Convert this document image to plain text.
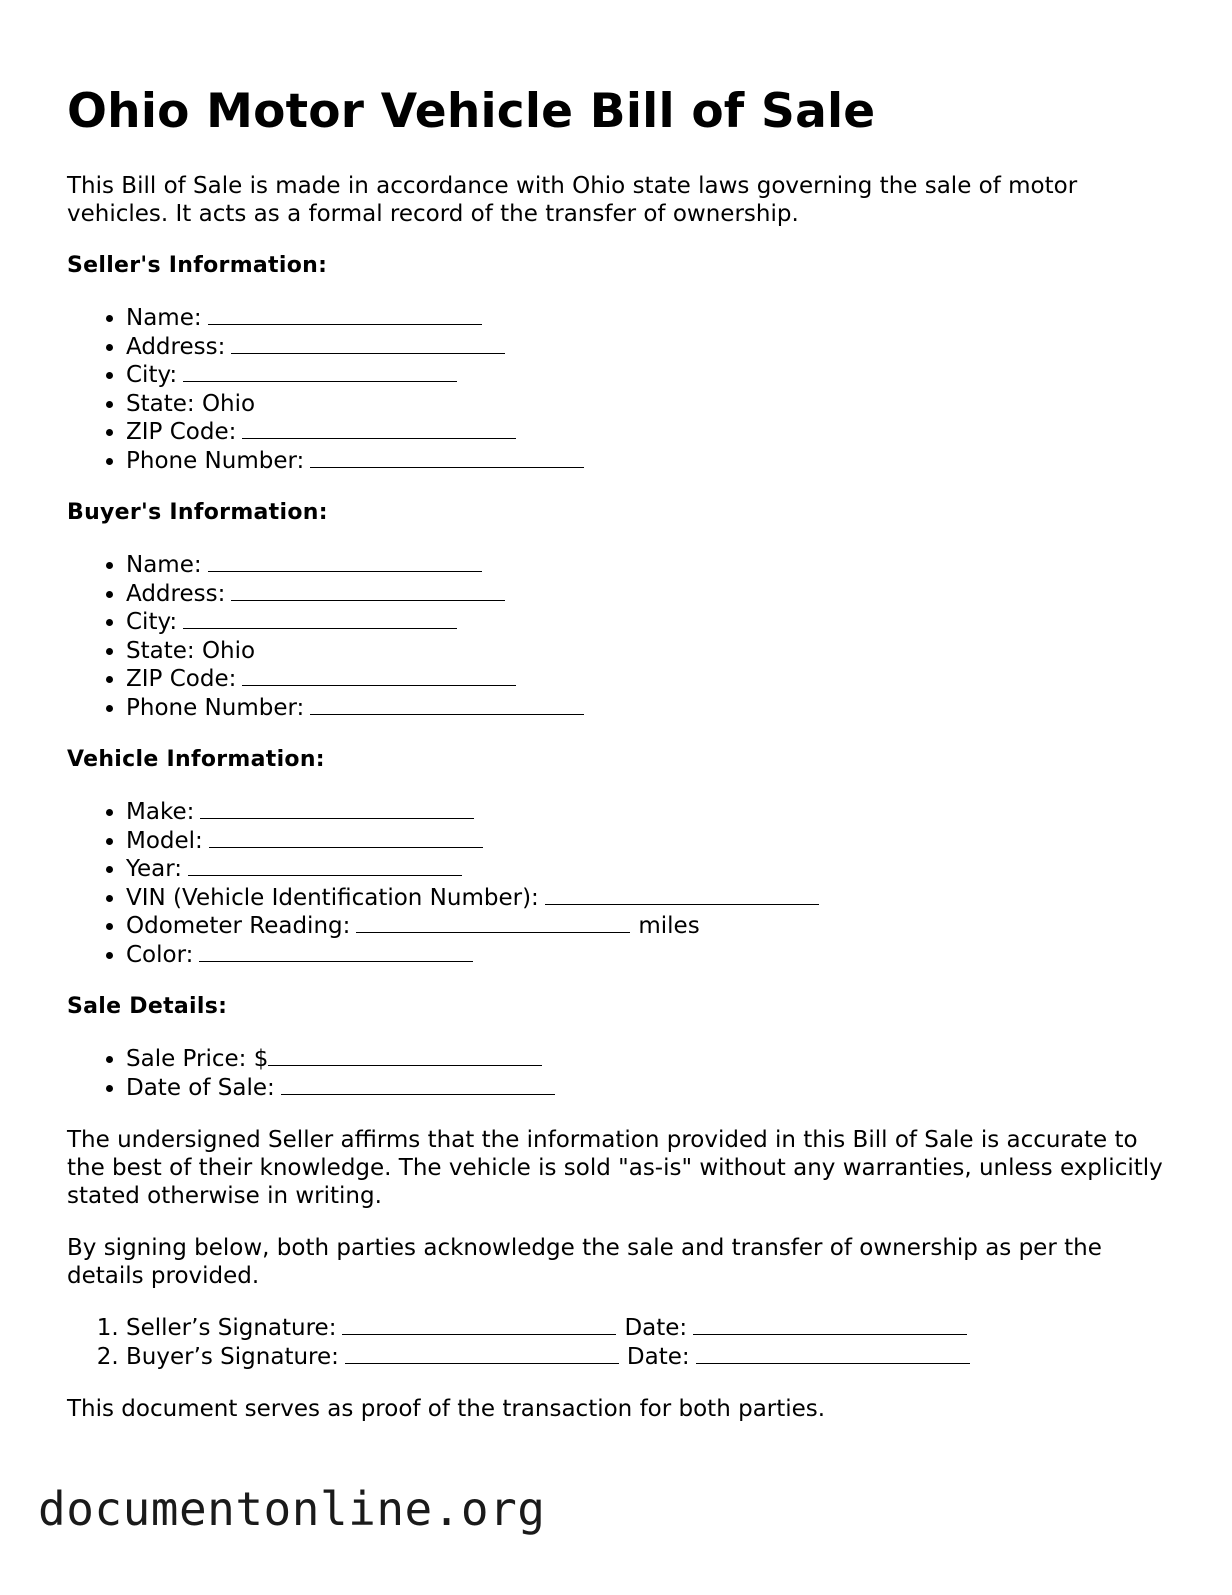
Ohio Motor Vehicle Bill of Sale

This Bill of Sale is made in accordance with Ohio state laws governing the sale of motor vehicles. It acts as a formal record of the transfer of ownership.

Seller's Information:
• Name:
• Address:
• City:
• State: Ohio
• ZIP Code:
• Phone Number:
Buyer's Information:
• Name:
• Address:
• City:
• State: Ohio
• ZIP Code:
• Phone Number:
Vehicle Information:
• Make:
• Model:
• Year:
• VIN (Vehicle Identification Number):
• Odometer Reading:	miles
• Color:
Sale Details:
• Sale Price: $
• Date of Sale:

The undersigned Seller affirms that the information provided in this Bill of Sale is accurate to the best of their knowledge. The vehicle is sold "as-is" without any warranties, unless explicitly stated otherwise in writing.

By signing below, both parties acknowledge the sale and transfer of ownership as per the details provided.

1. Seller’s Signature:	Date:
2. Buyer’s Signature:	Date:

This document serves as proof of the transaction for both parties.

documentonline.org
